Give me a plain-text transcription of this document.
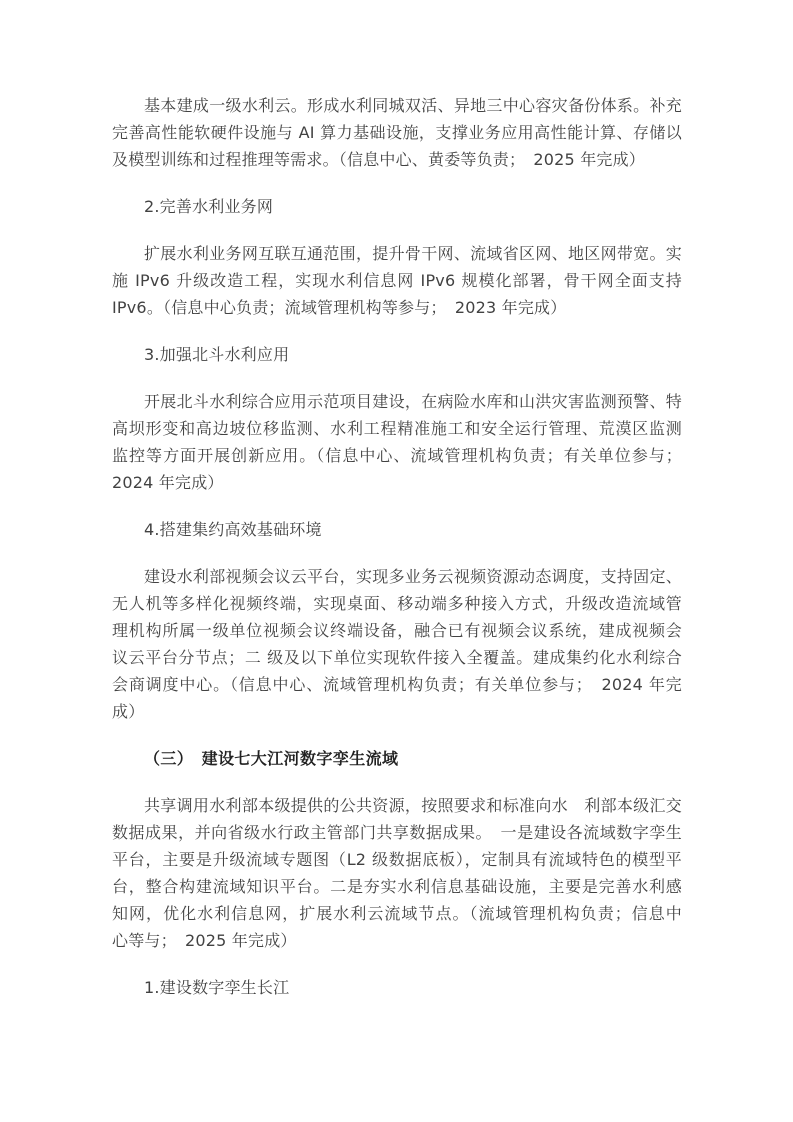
基本建成一级水利云。形成水利同城双活、异地三中心容灾备份体系。补充
完善高性能软硬件设施与 AI 算力基础设施，支撑业务应用高性能计算、存储以
及模型训练和过程推理等需求。（信息中心、黄委等负责；　2025 年完成）
2.完善水利业务网
扩展水利业务网互联互通范围，提升骨干网、流域省区网、地区网带宽。实
施 IPv6 升级改造工程，实现水利信息网 IPv6 规模化部署，骨干网全面支持
IPv6。（信息中心负责；流域管理机构等参与；　2023 年完成）
3.加强北斗水利应用
开展北斗水利综合应用示范项目建设，在病险水库和山洪灾害监测预警、特
高坝形变和高边坡位移监测、水利工程精准施工和安全运行管理、荒漠区监测
监控等方面开展创新应用。（信息中心、流域管理机构负责；有关单位参与；
2024 年完成）
4.搭建集约高效基础环境
建设水利部视频会议云平台，实现多业务云视频资源动态调度，支持固定、
无人机等多样化视频终端，实现桌面、移动端多种接入方式，升级改造流域管
理机构所属一级单位视频会议终端设备，融合已有视频会议系统，建成视频会
议云平台分节点；二 级及以下单位实现软件接入全覆盖。建成集约化水利综合
会商调度中心。（信息中心、流域管理机构负责；有关单位参与；　2024 年完
成）
（三）　建设七大江河数字孪生流域
共享调用水利部本级提供的公共资源，按照要求和标准向水　利部本级汇交
数据成果，并向省级水行政主管部门共享数据成果。　一是建设各流域数字孪生
平台，主要是升级流域专题图（L2 级数据底板），定制具有流域特色的模型平
台，整合构建流域知识平台。二是夯实水利信息基础设施，主要是完善水利感
知网，优化水利信息网，扩展水利云流域节点。（流域管理机构负责；信息中
心等与；　2025 年完成）
1.建设数字孪生长江
